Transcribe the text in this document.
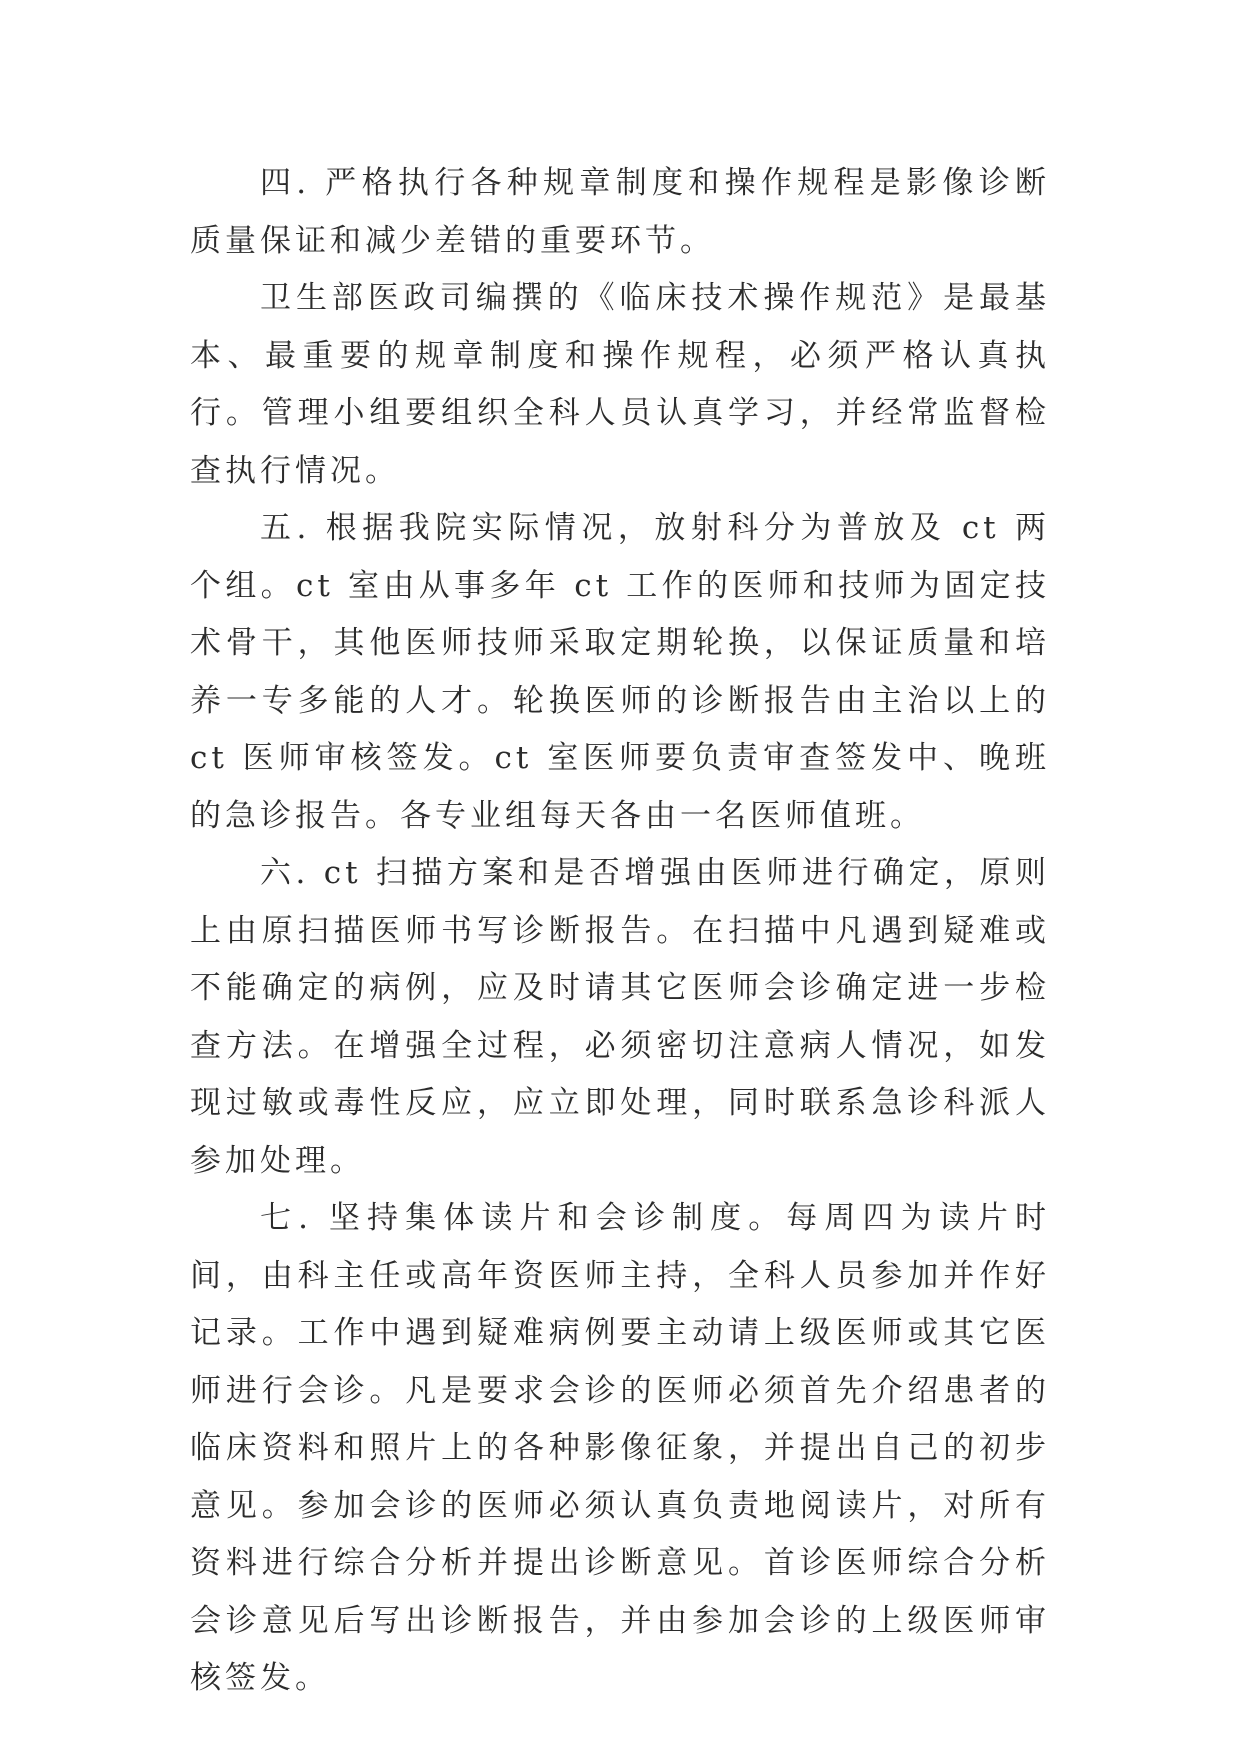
四. 严格执行各种规章制度和操作规程是影像诊断质量保证和减少差错的重要环节。

卫生部医政司编撰的《临床技术操作规范》是最基本、最重要的规章制度和操作规程，必须严格认真执行。管理小组要组织全科人员认真学习，并经常监督检查执行情况。

五. 根据我院实际情况，放射科分为普放及 ct 两个组。ct 室由从事多年 ct 工作的医师和技师为固定技术骨干，其他医师技师采取定期轮换，以保证质量和培养一专多能的人才。轮换医师的诊断报告由主治以上的 ct 医师审核签发。ct 室医师要负责审查签发中、晚班的急诊报告。各专业组每天各由一名医师值班。

六. ct 扫描方案和是否增强由医师进行确定，原则上由原扫描医师书写诊断报告。在扫描中凡遇到疑难或不能确定的病例，应及时请其它医师会诊确定进一步检查方法。在增强全过程，必须密切注意病人情况，如发现过敏或毒性反应，应立即处理，同时联系急诊科派人参加处理。

七. 坚持集体读片和会诊制度。每周四为读片时间，由科主任或高年资医师主持，全科人员参加并作好记录。工作中遇到疑难病例要主动请上级医师或其它医师进行会诊。凡是要求会诊的医师必须首先介绍患者的临床资料和照片上的各种影像征象，并提出自己的初步意见。参加会诊的医师必须认真负责地阅读片，对所有资料进行综合分析并提出诊断意见。首诊医师综合分析会诊意见后写出诊断报告，并由参加会诊的上级医师审核签发。
